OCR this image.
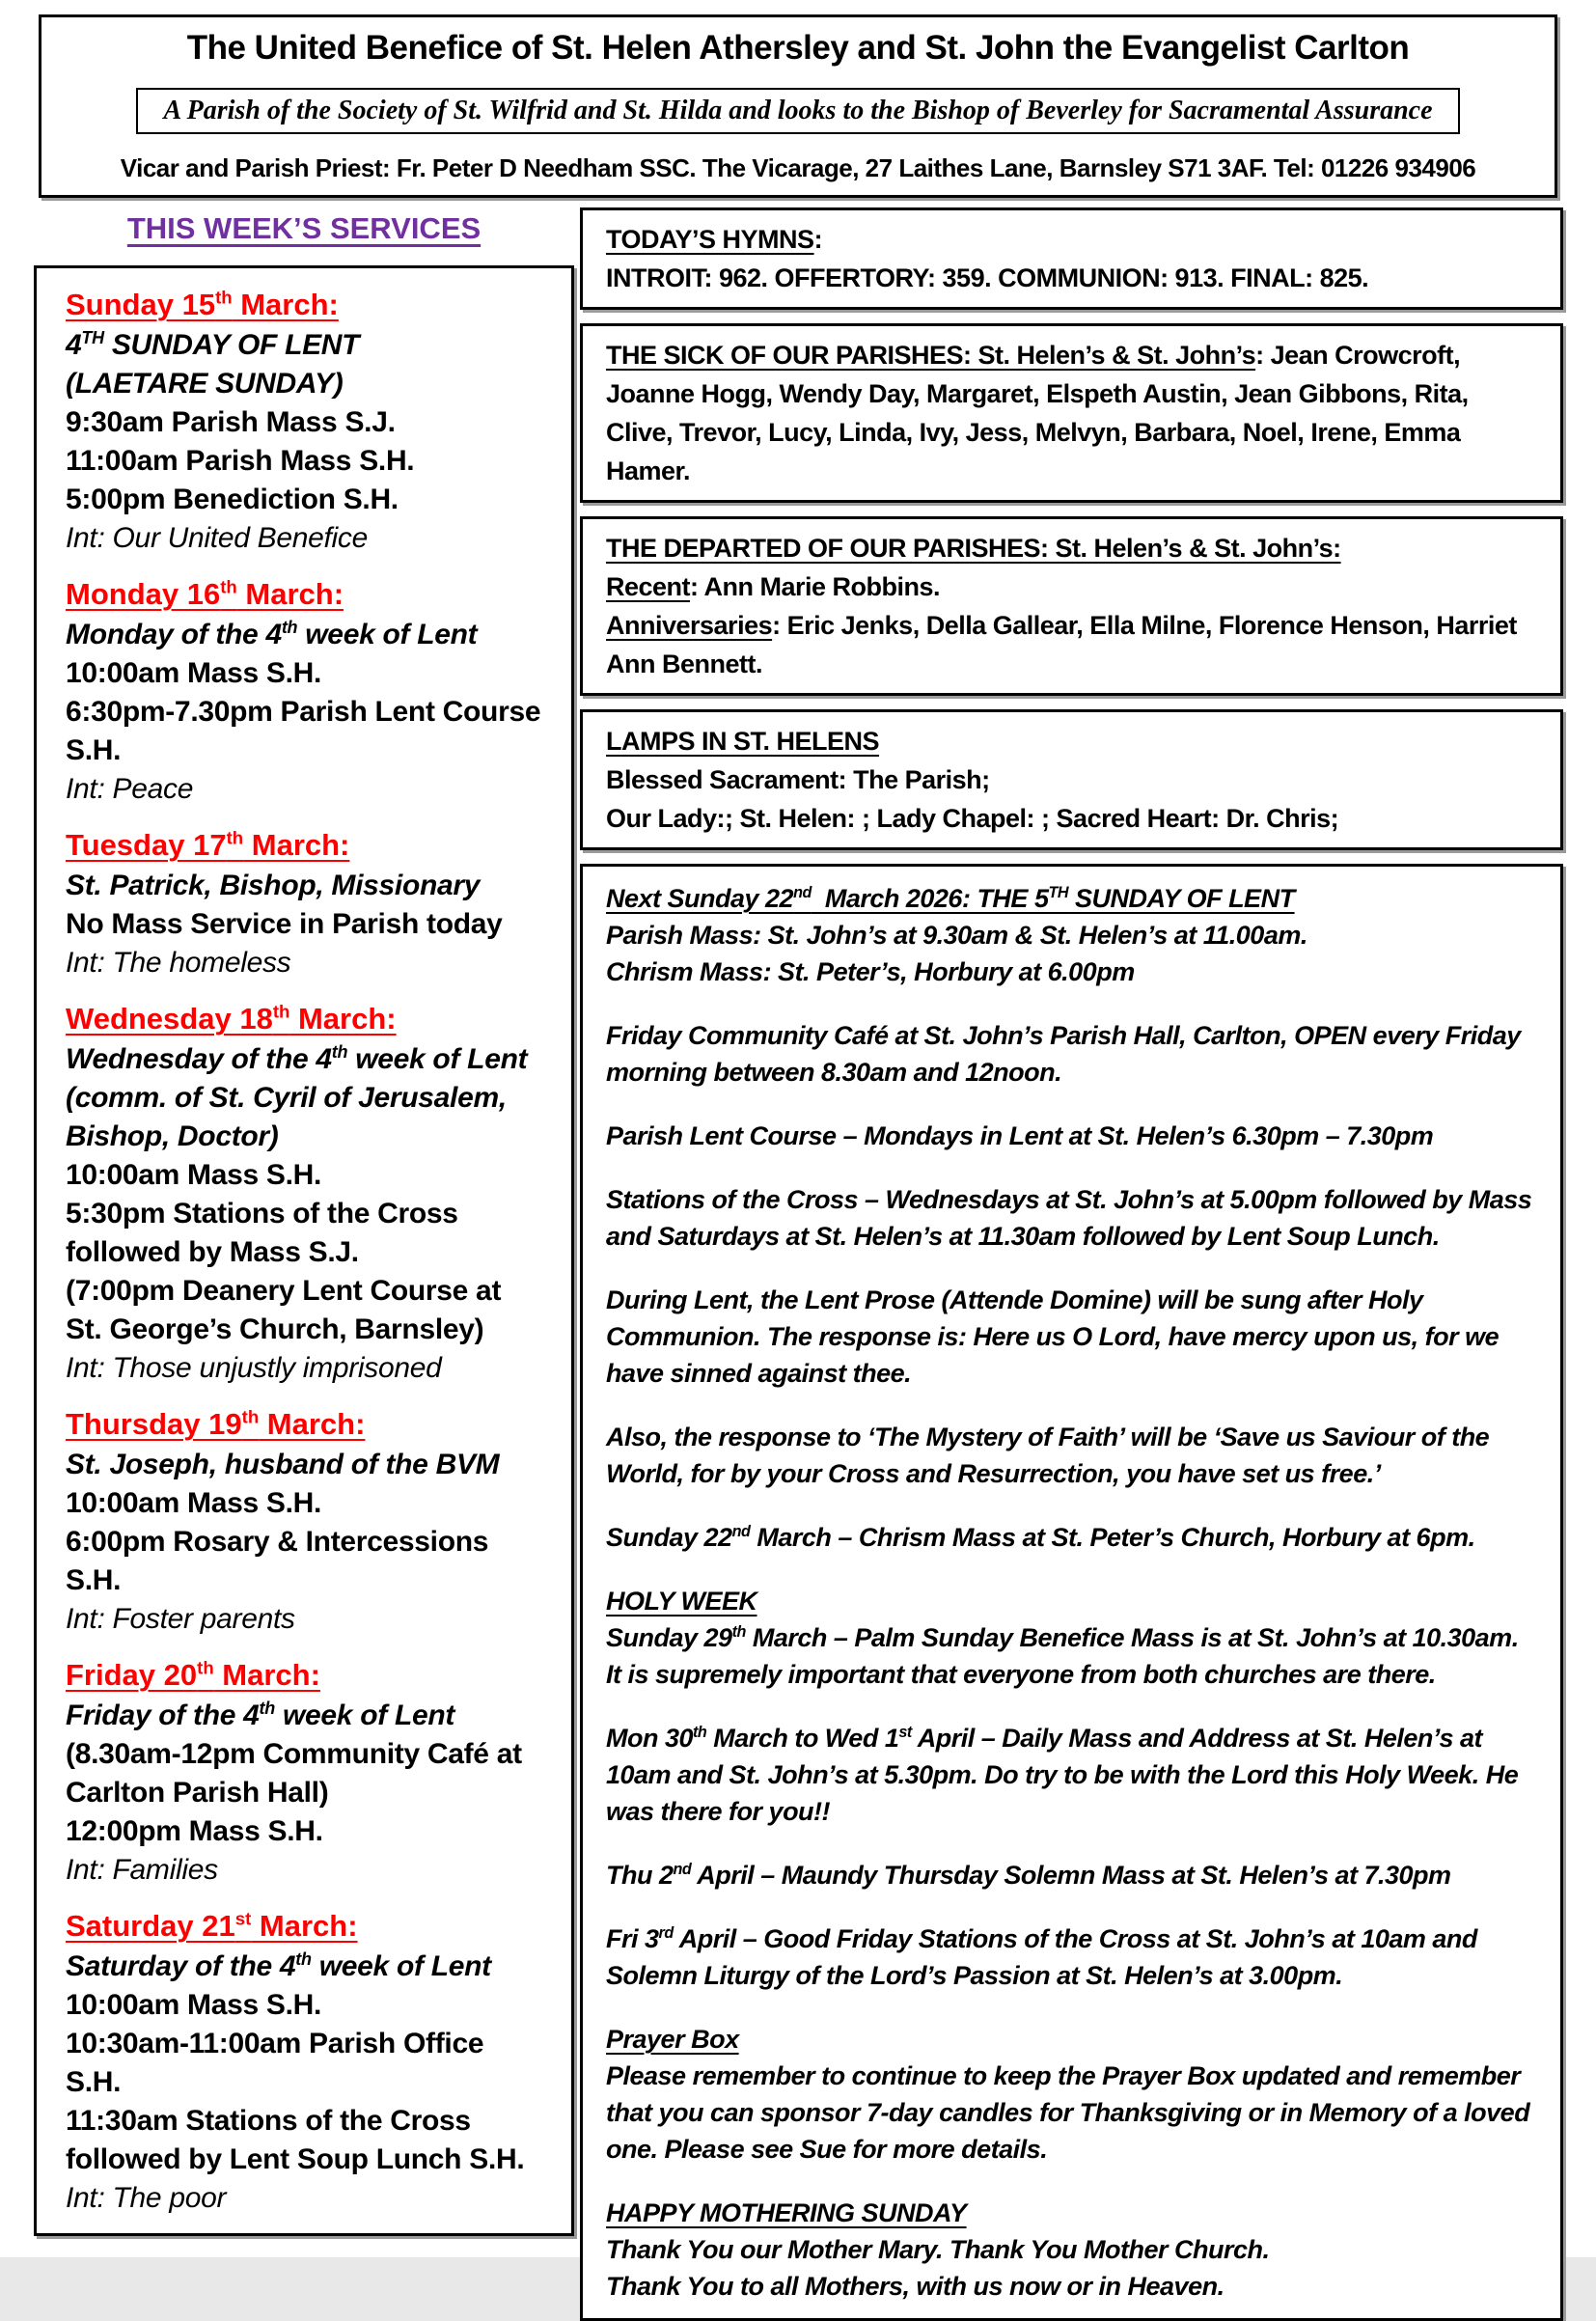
The United Benefice of St. Helen Athersley and St. John the Evangelist Carlton
A Parish of the Society of St. Wilfrid and St. Hilda and looks to the Bishop of Beverley for Sacramental Assurance
Vicar and Parish Priest: Fr. Peter D Needham SSC. The Vicarage, 27 Laithes Lane, Barnsley S71 3AF. Tel: 01226 934906
THIS WEEK’S SERVICES
Sunday 15th March:
4TH SUNDAY OF LENT
(LAETARE SUNDAY)
9:30am Parish Mass S.J.
11:00am Parish Mass S.H.
5:00pm Benediction S.H.
Int: Our United Benefice
Monday 16th March:
Monday of the 4th week of Lent
10:00am Mass S.H.
6:30pm-7.30pm Parish Lent Course S.H.
Int: Peace
Tuesday 17th March:
St. Patrick, Bishop, Missionary
No Mass Service in Parish today
Int: The homeless
Wednesday 18th March:
Wednesday of the 4th week of Lent
(comm. of St. Cyril of Jerusalem, Bishop, Doctor)
10:00am Mass S.H.
5:30pm Stations of the Cross followed by Mass S.J.
(7:00pm Deanery Lent Course at St. George’s Church, Barnsley)
Int: Those unjustly imprisoned
Thursday 19th March:
St. Joseph, husband of the BVM
10:00am Mass S.H.
6:00pm Rosary & Intercessions S.H.
Int: Foster parents
Friday 20th March:
Friday of the 4th week of Lent
(8.30am-12pm Community Café at Carlton Parish Hall)
12:00pm Mass S.H.
Int: Families
Saturday 21st March:
Saturday of the 4th week of Lent
10:00am Mass S.H.
10:30am-11:00am Parish Office S.H.
11:30am Stations of the Cross followed by Lent Soup Lunch S.H.
Int: The poor
TODAY’S HYMNS:
INTROIT: 962. OFFERTORY: 359. COMMUNION: 913. FINAL: 825.
THE SICK OF OUR PARISHES: St. Helen’s & St. John’s: Jean Crowcroft, Joanne Hogg, Wendy Day, Margaret, Elspeth Austin, Jean Gibbons, Rita, Clive, Trevor, Lucy, Linda, Ivy, Jess, Melvyn, Barbara, Noel, Irene, Emma Hamer.
THE DEPARTED OF OUR PARISHES: St. Helen’s & St. John’s:
Recent: Ann Marie Robbins.
Anniversaries: Eric Jenks, Della Gallear, Ella Milne, Florence Henson, Harriet Ann Bennett.
LAMPS IN ST. HELENS
Blessed Sacrament: The Parish;
Our Lady:; St. Helen: ; Lady Chapel: ; Sacred Heart: Dr. Chris;
Next Sunday 22nd  March 2026: THE 5TH SUNDAY OF LENT
Parish Mass: St. John’s at 9.30am & St. Helen’s at 11.00am.
Chrism Mass: St. Peter’s, Horbury at 6.00pm
Friday Community Café at St. John’s Parish Hall, Carlton, OPEN every Friday morning between 8.30am and 12noon.
Parish Lent Course – Mondays in Lent at St. Helen’s 6.30pm – 7.30pm
Stations of the Cross – Wednesdays at St. John’s at 5.00pm followed by Mass and Saturdays at St. Helen’s at 11.30am followed by Lent Soup Lunch.
During Lent, the Lent Prose (Attende Domine) will be sung after Holy Communion. The response is: Here us O Lord, have mercy upon us, for we have sinned against thee.
Also, the response to ‘The Mystery of Faith’ will be ‘Save us Saviour of the World, for by your Cross and Resurrection, you have set us free.’
Sunday 22nd March – Chrism Mass at St. Peter’s Church, Horbury at 6pm.
HOLY WEEK
Sunday 29th March – Palm Sunday Benefice Mass is at St. John’s at 10.30am. It is supremely important that everyone from both churches are there.
Mon 30th March to Wed 1st April – Daily Mass and Address at St. Helen’s at 10am and St. John’s at 5.30pm. Do try to be with the Lord this Holy Week. He was there for you!!
Thu 2nd April – Maundy Thursday Solemn Mass at St. Helen’s at 7.30pm
Fri 3rd April – Good Friday Stations of the Cross at St. John’s at 10am and Solemn Liturgy of the Lord’s Passion at St. Helen’s at 3.00pm.
Prayer Box
Please remember to continue to keep the Prayer Box updated and remember that you can sponsor 7-day candles for Thanksgiving or in Memory of a loved one. Please see Sue for more details.
HAPPY MOTHERING SUNDAY
Thank You our Mother Mary. Thank You Mother Church.
Thank You to all Mothers, with us now or in Heaven.
